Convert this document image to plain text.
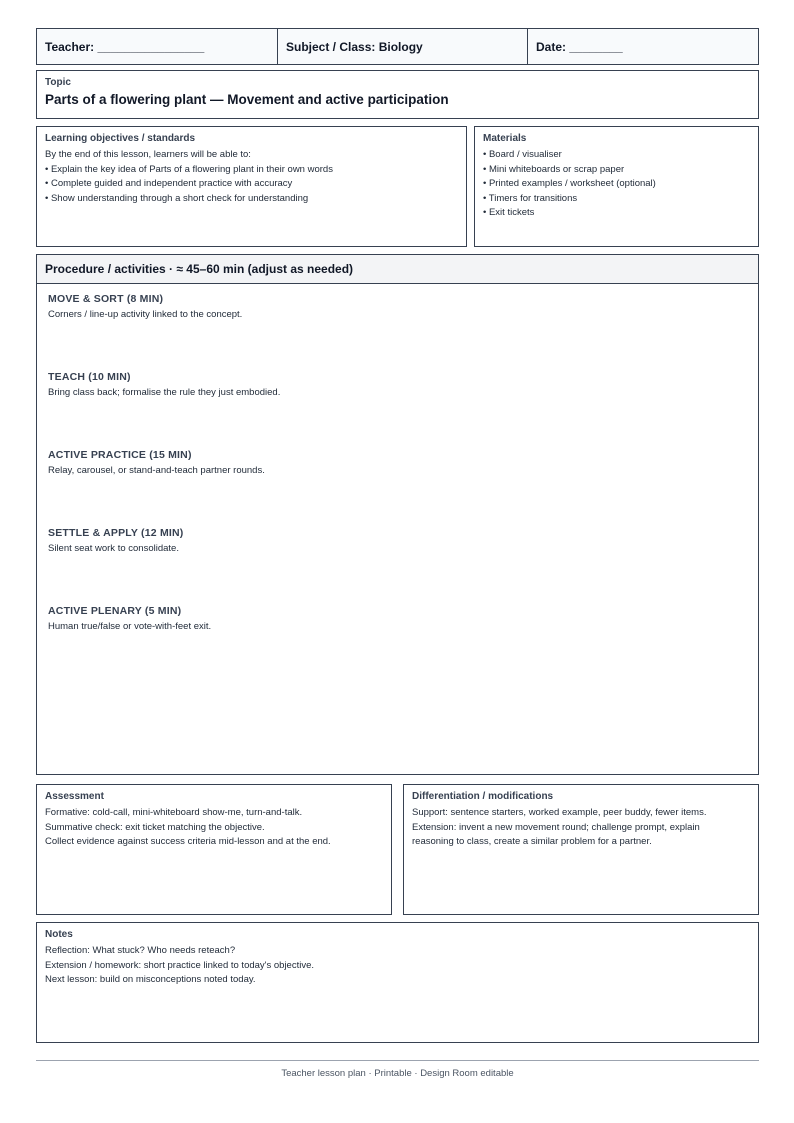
Teacher: ________________	Subject / Class: Biology	Date: ________
Topic
Parts of a flowering plant — Movement and active participation
Learning objectives / standards
By the end of this lesson, learners will be able to:
• Explain the key idea of Parts of a flowering plant in their own words
• Complete guided and independent practice with accuracy
• Show understanding through a short check for understanding
Materials
• Board / visualiser
• Mini whiteboards or scrap paper
• Printed examples / worksheet (optional)
• Timers for transitions
• Exit tickets
Procedure / activities · ≈ 45–60 min (adjust as needed)
MOVE & SORT (8 MIN)
Corners / line-up activity linked to the concept.
TEACH (10 MIN)
Bring class back; formalise the rule they just embodied.
ACTIVE PRACTICE (15 MIN)
Relay, carousel, or stand-and-teach partner rounds.
SETTLE & APPLY (12 MIN)
Silent seat work to consolidate.
ACTIVE PLENARY (5 MIN)
Human true/false or vote-with-feet exit.
Assessment
Formative: cold-call, mini-whiteboard show-me, turn-and-talk.
Summative check: exit ticket matching the objective.
Collect evidence against success criteria mid-lesson and at the end.
Differentiation / modifications
Support: sentence starters, worked example, peer buddy, fewer items.
Extension: invent a new movement round; challenge prompt, explain
reasoning to class, create a similar problem for a partner.
Notes
Reflection: What stuck? Who needs reteach?
Extension / homework: short practice linked to today's objective.
Next lesson: build on misconceptions noted today.
Teacher lesson plan · Printable · Design Room editable
